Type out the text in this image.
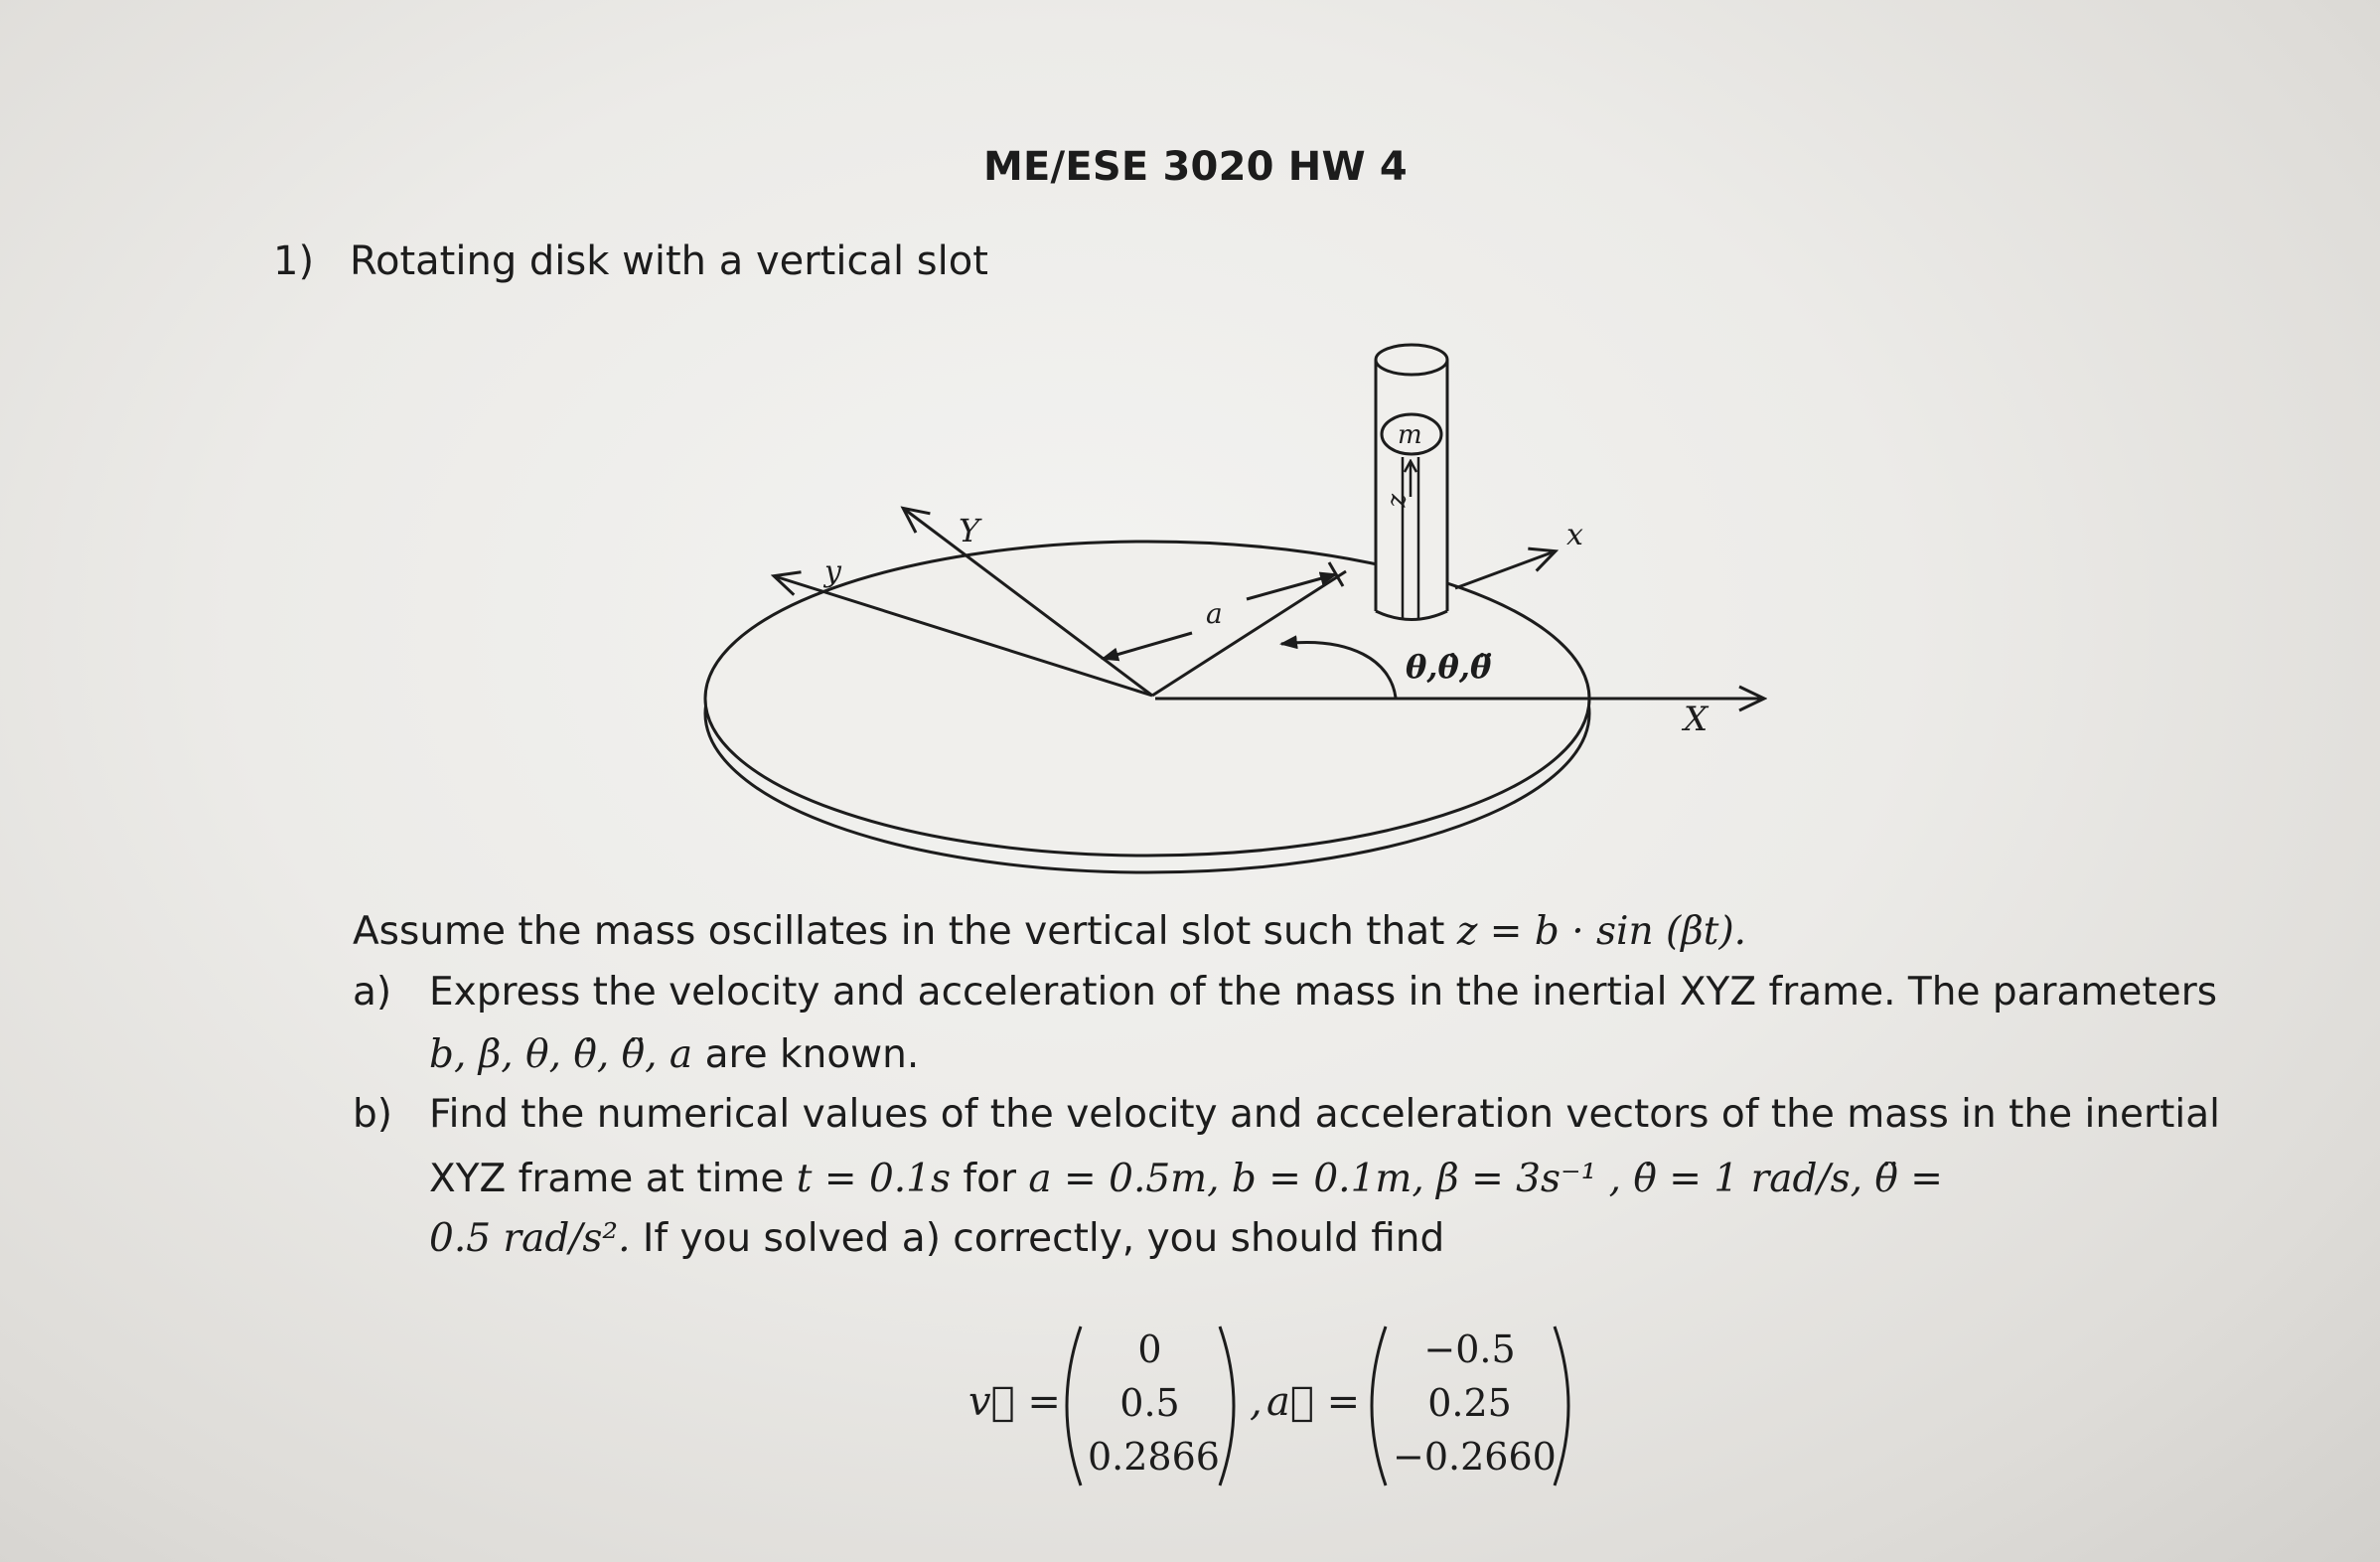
ME/ESE 3020 HW 4
1) Rotating disk with a vertical slot
m
z
Y
y
x
X
a
θ,θ̇,θ̈
Assume the mass oscillates in the vertical slot such that z = b · sin (βt).
a) Express the velocity and acceleration of the mass in the inertial XYZ frame. The parameters
b, β, θ, θ̇, θ̈, a are known.
b) Find the numerical values of the velocity and acceleration vectors of the mass in the inertial
XYZ frame at time t = 0.1s for a = 0.5m, b = 0.1m, β = 3s⁻¹ , θ̇ = 1 rad/s, θ̈ =
0.5 rad/s². If you solved a) correctly, you should find
v⃗ =
0
0.5
0.2866
, a⃗ =
−0.5
0.25
−0.2660
